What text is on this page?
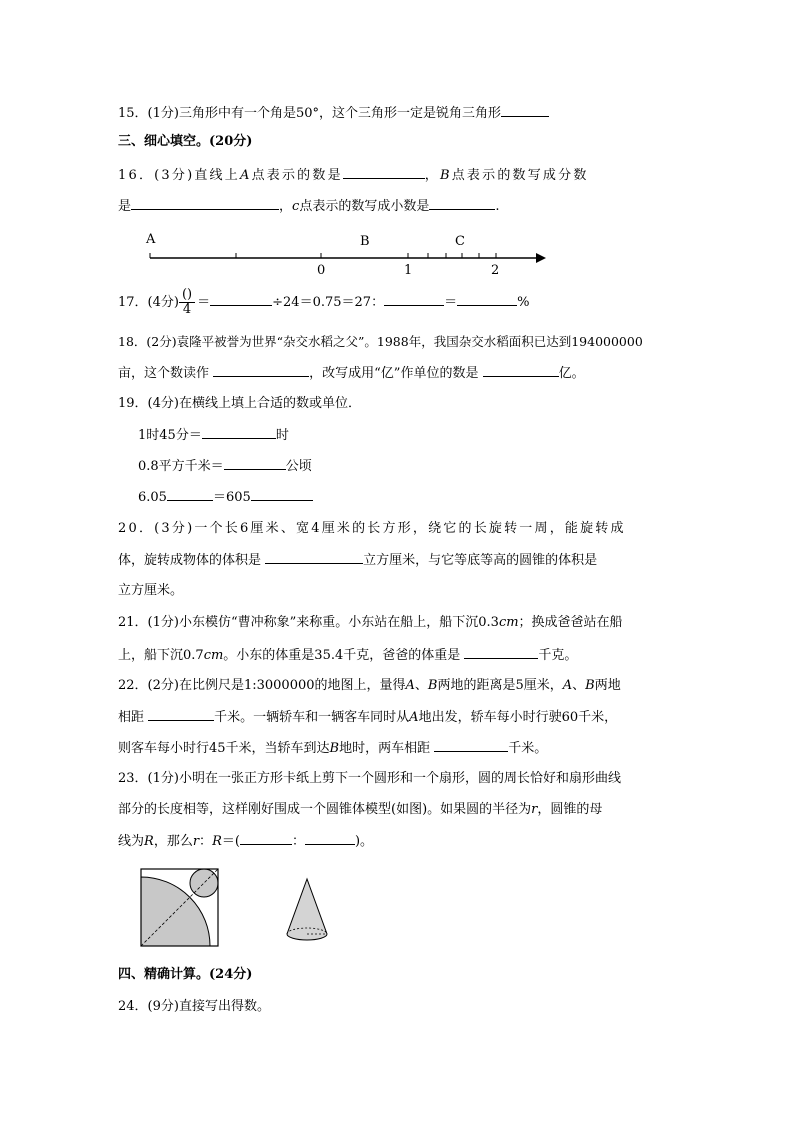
15．(1分)三角形中有一个角是50°，这个三角形一定是锐角三角形
三、细心填空。(20分)
16．(3分)直线上A点表示的数是	，B点表示的数写成分数
是	，c点表示的数写成小数是	.
A	B	C
0	1	2
17．(4分) $\frac{()}{4}$ ＝	÷24＝0.75＝27：	＝	%
18．(2分)袁隆平被誉为世界“杂交水稻之父”。1988年，我国杂交水稻面积已达到194000000
亩，这个数读作	，改写成用“亿”作单位的数是	亿。
19．(4分)在横线上填上合适的数或单位．
1时45分＝	时
0.8平方千米＝	公顷
6.05	＝605
20．(3分)一个长6厘米、宽4厘米的长方形，绕它的长旋转一周，能旋转成
体，旋转成物体的体积是	立方厘米，与它等底等高的圆锥的体积是
立方厘米。
21．(1分)小东模仿“曹冲称象”来称重。小东站在船上，船下沉0.3cm；换成爸爸站在船
上，船下沉0.7cm。小东的体重是35.4千克，爸爸的体重是	千克。
22．(2分)在比例尺是1:3000000的地图上，量得A、B两地的距离是5厘米，A、B两地
相距	千米。一辆轿车和一辆客车同时从A地出发，轿车每小时行驶60千米，
则客车每小时行45千米，当轿车到达B地时，两车相距	千米。
23．(1分)小明在一张正方形卡纸上剪下一个圆形和一个扇形，圆的周长恰好和扇形曲线
部分的长度相等，这样刚好围成一个圆锥体模型(如图)。如果圆的半径为r，圆锥的母
线为R，那么r：R＝(	：	)。
四、精确计算。(24分)
24．(9分)直接写出得数。
